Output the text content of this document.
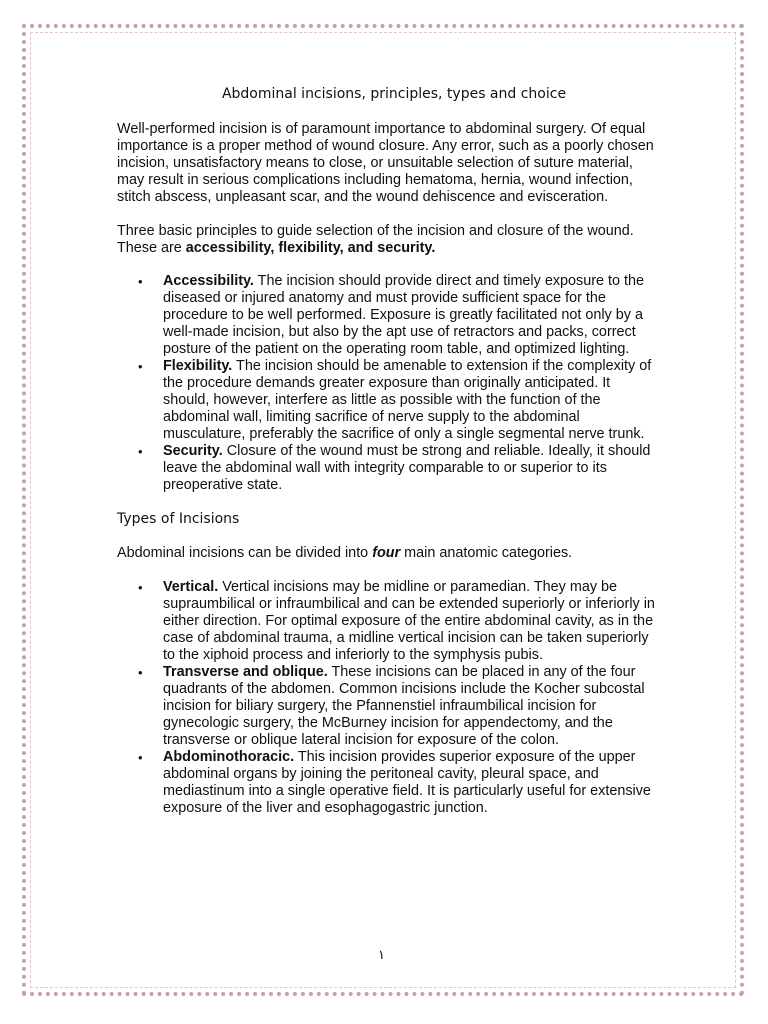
Abdominal incisions, principles, types and choice

Well-performed incision is of paramount importance to abdominal surgery. Of equal importance is a proper method of wound closure. Any error, such as a poorly chosen incision, unsatisfactory means to close, or unsuitable selection of suture material, may result in serious complications including hematoma, hernia, wound infection, stitch abscess, unpleasant scar, and the wound dehiscence and evisceration.

Three basic principles to guide selection of the incision and closure of the wound. These are accessibility, flexibility, and security.

• Accessibility. The incision should provide direct and timely exposure to the diseased or injured anatomy and must provide sufficient space for the procedure to be well performed. Exposure is greatly facilitated not only by a well-made incision, but also by the apt use of retractors and packs, correct posture of the patient on the operating room table, and optimized lighting.
• Flexibility. The incision should be amenable to extension if the complexity of the procedure demands greater exposure than originally anticipated. It should, however, interfere as little as possible with the function of the abdominal wall, limiting sacrifice of nerve supply to the abdominal musculature, preferably the sacrifice of only a single segmental nerve trunk.
• Security. Closure of the wound must be strong and reliable. Ideally, it should leave the abdominal wall with integrity comparable to or superior to its preoperative state.
Types of Incisions

Abdominal incisions can be divided into four main anatomic categories.

• Vertical. Vertical incisions may be midline or paramedian. They may be supraumbilical or infraumbilical and can be extended superiorly or inferiorly in either direction. For optimal exposure of the entire abdominal cavity, as in the case of abdominal trauma, a midline vertical incision can be taken superiorly to the xiphoid process and inferiorly to the symphysis pubis.
• Transverse and oblique. These incisions can be placed in any of the four quadrants of the abdomen. Common incisions include the Kocher subcostal incision for biliary surgery, the Pfannenstiel infraumbilical incision for gynecologic surgery, the McBurney incision for appendectomy, and the transverse or oblique lateral incision for exposure of the colon.
• Abdominothoracic. This incision provides superior exposure of the upper abdominal organs by joining the peritoneal cavity, pleural space, and mediastinum into a single operative field. It is particularly useful for extensive exposure of the liver and esophagogastric junction.
١
